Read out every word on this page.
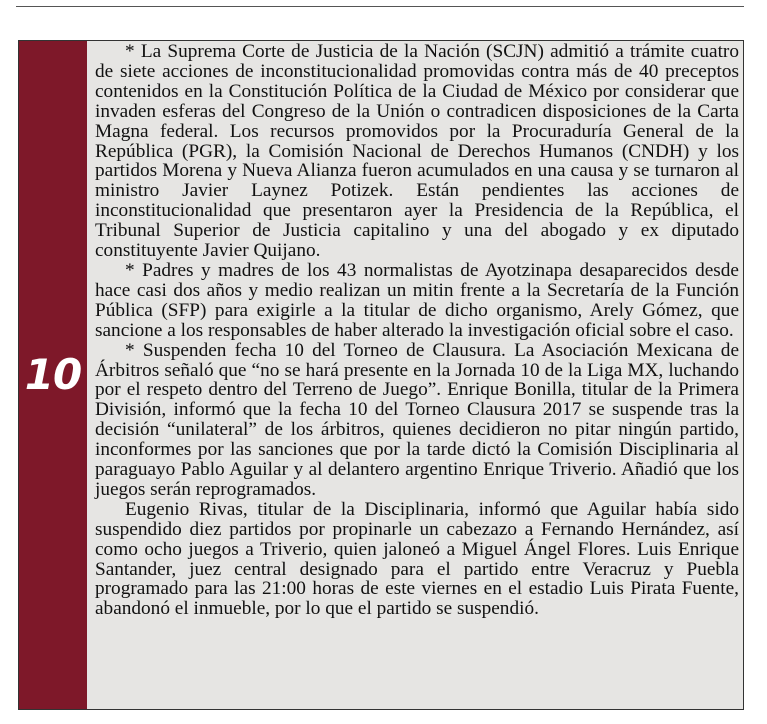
10

* La Suprema Corte de Justicia de la Nación (SCJN) admitió a trámite cuatro de siete acciones de inconstitucionalidad promovidas contra más de 40 preceptos contenidos en la Constitución Política de la Ciudad de México por considerar que invaden esferas del Congreso de la Unión o contradicen disposiciones de la Carta Magna federal. Los recursos promovidos por la Procuraduría General de la República (PGR), la Comisión Nacional de Derechos Humanos (CNDH) y los partidos Morena y Nueva Alianza fueron acumulados en una causa y se turnaron al ministro Javier Laynez Potizek. Están pendientes las acciones de inconstitucionalidad que presentaron ayer la Presidencia de la República, el Tribunal Superior de Justicia capitalino y una del abogado y ex diputado constituyente Javier Quijano.

* Padres y madres de los 43 normalistas de Ayotzinapa desaparecidos desde hace casi dos años y medio realizan un mitin frente a la Secretaría de la Función Pública (SFP) para exigirle a la titular de dicho organismo, Arely Gómez, que sancione a los responsables de haber alterado la investigación oficial sobre el caso.

* Suspenden fecha 10 del Torneo de Clausura. La Asociación Mexicana de Árbitros señaló que “no se hará presente en la Jornada 10 de la Liga MX, luchando por el respeto dentro del Terreno de Juego”. Enrique Bonilla, titular de la Primera División, informó que la fecha 10 del Torneo Clausura 2017 se suspende tras la decisión “unilateral” de los árbitros, quienes decidieron no pitar ningún partido, inconformes por las sanciones que por la tarde dictó la Comisión Disciplinaria al paraguayo Pablo Aguilar y al delantero argentino Enrique Triverio. Añadió que los juegos serán reprogramados.

Eugenio Rivas, titular de la Disciplinaria, informó que Aguilar había sido suspendido diez partidos por propinarle un cabezazo a Fernando Hernández, así como ocho juegos a Triverio, quien jaloneó a Miguel Ángel Flores. Luis Enrique Santander, juez central designado para el partido entre Veracruz y Puebla programado para las 21:00 horas de este viernes en el estadio Luis Pirata Fuente, abandonó el inmueble, por lo que el partido se suspendió.
